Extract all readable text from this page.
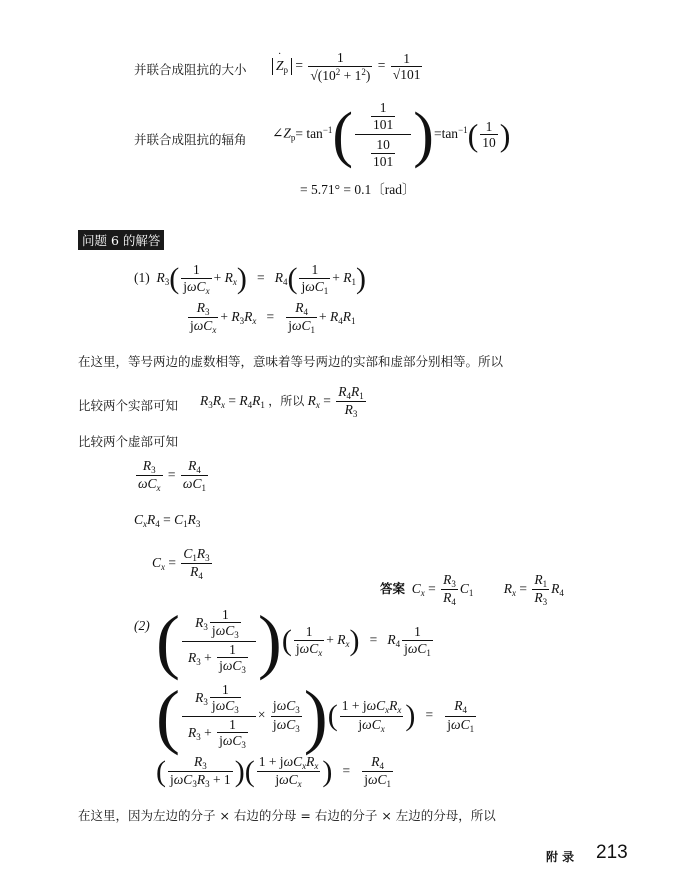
并联合成阻抗的大小 Z
·
$_p = \frac{1}{√(10^2 + 1^2)} = \frac{1}{√101}$
并联合成阻抗的辐角 $\angle Z_p= \tan^{-1}( \frac{\frac{1}{101}}{\frac{10}{101}} )=\tan^{-1}( \frac{1}{10}$ )
= 5.71° = 0.1〔rad〕
问题 6 的解答
(1)  $R_3( \frac{1}{j\omega C_x} + R_x) = R_4( \frac{1}{j\omega C_1} + R_1)$
$\frac{R_3}{j\omega C_x} + R_3R_x = \frac{R_4}{j\omega C_1} + R_4R_1$
在这里，等号两边的虚数相等，意味着等号两边的实部和虚部分别相等。所以
比较两个实部可知 $R_3R_x = R_4R_1$ ，所以 $R_x = \frac{R_4R_1}{R_3}$
比较两个虚部可知
$\frac{R_3}{\omega C_x} = \frac{R_4}{\omega C_1}$
$C_xR_4 = C_1R_3$
$C_x = \frac{C_1R_3}{R_4}$
答案  $C_x = \frac{R_3}{R_4} C_1$         $R_x = \frac{R_1}{R_3} R_4$
(2) ( $\frac{R_3 \frac{1}{j\omega C_3}}{R_3 + \frac{1}{j\omega C_3}}$ )( $\frac{1}{j\omega C_x} + R_x) = R_4 \frac{1}{j\omega C_1}$
( $\frac{R_3 \frac{1}{j\omega C_3}}{R_3 + \frac{1}{j\omega C_3}} \times \frac{j\omega C_3}{j\omega C_3}$ )( $\frac{1 + j\omega C_xR_x}{j\omega C_x}$ ) = $\frac{R_4}{j\omega C_1}$
( $\frac{R_3}{j\omega C_3R_3 + 1}$ )( $\frac{1 + j\omega C_xR_x}{j\omega C_x}$ ) = $\frac{R_4}{j\omega C_1}$
在这里，因为左边的分子 × 右边的分母 = 右边的分子 × 左边的分母，所以
附 录 213
